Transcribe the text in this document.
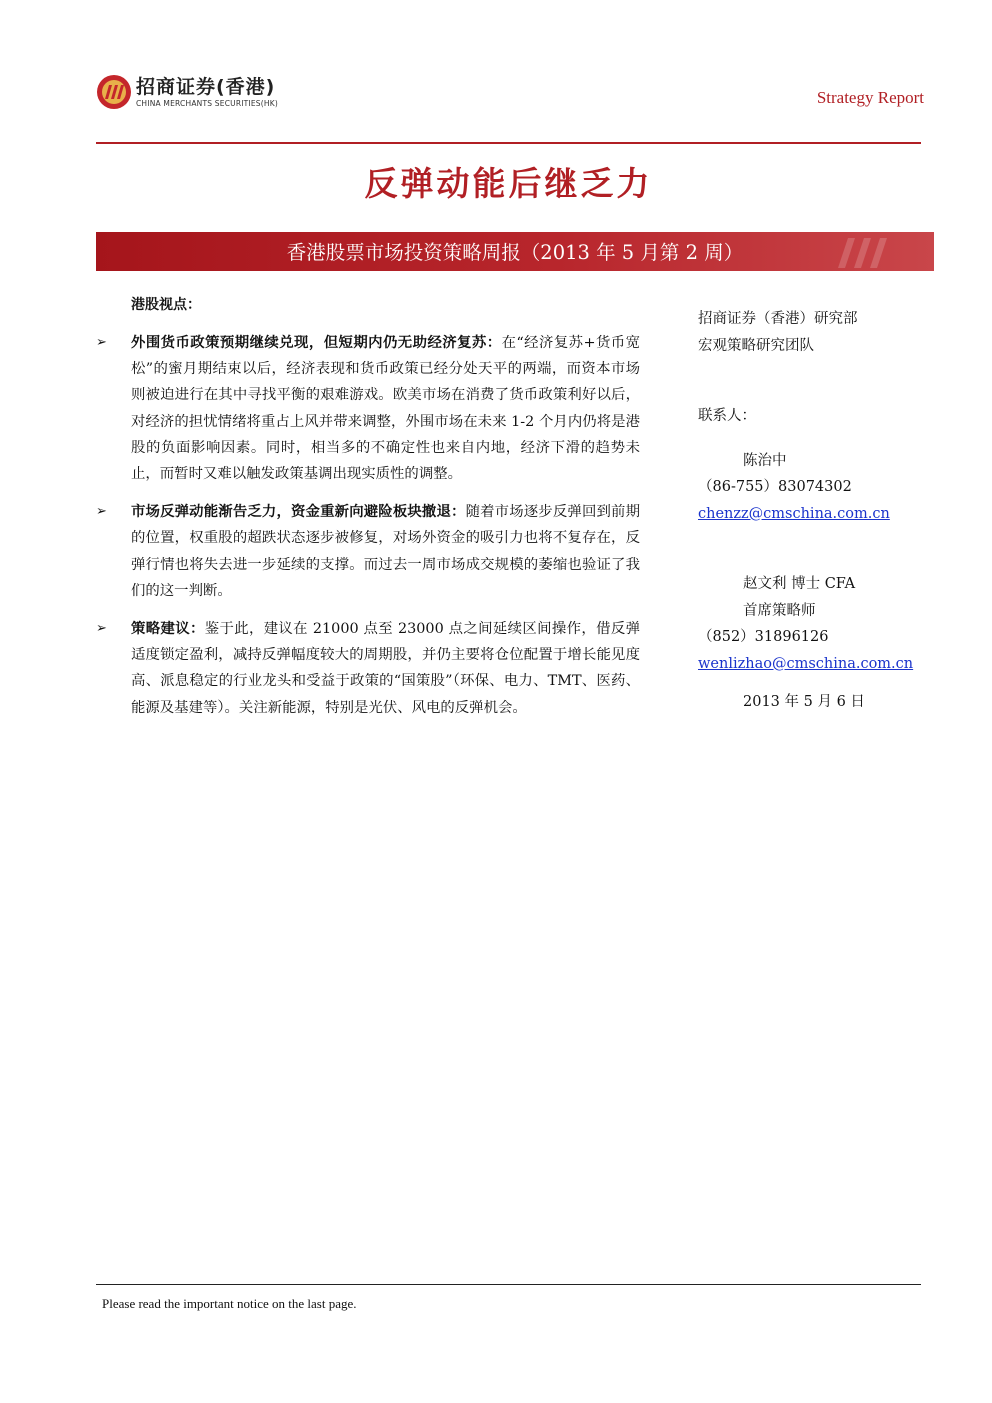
招商证券(香港)
CHINA MERCHANTS SECURITIES(HK)	Strategy Report
反弹动能后继乏力
香港股票市场投资策略周报（2013 年 5 月第 2 周）
港股视点：
➢ 外围货币政策预期继续兑现，但短期内仍无助经济复苏：在“经济复苏+货币宽松”的蜜月期结束以后，经济表现和货币政策已经分处天平的两端，而资本市场则被迫进行在其中寻找平衡的艰难游戏。欧美市场在消费了货币政策利好以后，对经济的担忧情绪将重占上风并带来调整，外围市场在未来 1-2 个月内仍将是港股的负面影响因素。同时，相当多的不确定性也来自内地，经济下滑的趋势未止，而暂时又难以触发政策基调出现实质性的调整。
➢ 市场反弹动能渐告乏力，资金重新向避险板块撤退：随着市场逐步反弹回到前期的位置，权重股的超跌状态逐步被修复，对场外资金的吸引力也将不复存在，反弹行情也将失去进一步延续的支撑。而过去一周市场成交规模的萎缩也验证了我们的这一判断。
➢ 策略建议：鉴于此，建议在 21000 点至 23000 点之间延续区间操作，借反弹适度锁定盈利，减持反弹幅度较大的周期股，并仍主要将仓位配置于增长能见度高、派息稳定的行业龙头和受益于政策的“国策股”（环保、电力、TMT、医药、能源及基建等）。关注新能源，特别是光伏、风电的反弹机会。
招商证券（香港）研究部
宏观策略研究团队
联系人：
陈治中
（86-755）83074302
chenzz@cmschina.com.cn
赵文利 博士 CFA
首席策略师
（852）31896126
wenlizhao@cmschina.com.cn
2013 年 5 月 6 日
Please read the important notice on the last page.
